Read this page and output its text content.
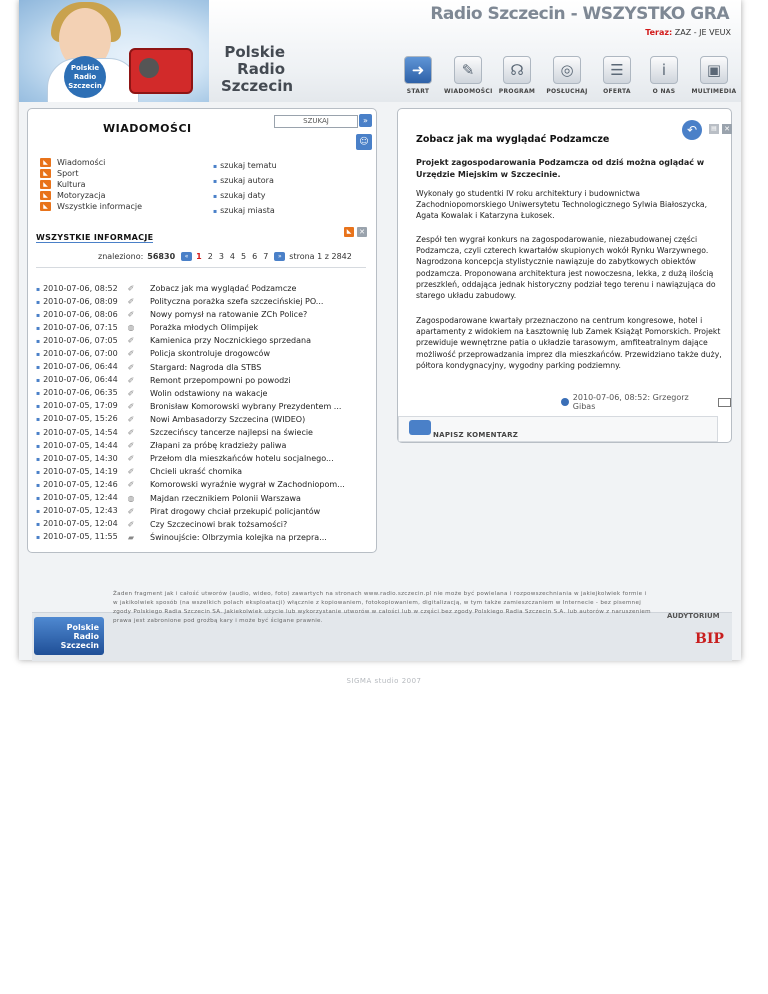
Polskie Radio Szczecin
Polskie
Radio
Szczecin
Radio Szczecin - WSZYSTKO GRA
Teraz: ZAZ - JE VEUX
➜
START
✎
WIADOMOŚCI
☊
PROGRAM
◎
POSŁUCHAJ
☰
OFERTA
i
O NAS
▣
MULTIMEDIA
WIADOMOŚCI
SZUKAJ	»
☺
◣	Wiadomości
◣	Sport
◣	Kultura
◣	Motoryzacja
◣	Wszystkie informacje
▪ szukaj tematu
▪ szukaj autora
▪ szukaj daty
▪ szukaj miasta
WSZYSTKIE INFORMACJE
◣	✕
znaleziono: 56830	« 1 2 3 4 5 6 7	» strona 1 z 2842
▪ 2010-07-06, 08:52	✐ Zobacz jak ma wyglądać Podzamcze
▪ 2010-07-06, 08:09	✐ Polityczna porażka szefa szczecińskiej PO...
▪ 2010-07-06, 08:06	✐ Nowy pomysł na ratowanie ZCh Police?
▪ 2010-07-06, 07:15	◍ Porażka młodych Olimpijek
▪ 2010-07-06, 07:05	✐ Kamienica przy Nocznickiego sprzedana
▪ 2010-07-06, 07:00	✐ Policja skontroluje drogowców
▪ 2010-07-06, 06:44	✐ Stargard: Nagroda dla STBS
▪ 2010-07-06, 06:44	✐ Remont przepompowni po powodzi
▪ 2010-07-06, 06:35	✐ Wolin odstawiony na wakacje
▪ 2010-07-05, 17:09	✐ Bronisław Komorowski wybrany Prezydentem ...
▪ 2010-07-05, 15:26	✐ Nowi Ambasadorzy Szczecina (WIDEO)
▪ 2010-07-05, 14:54	✐ Szczecińscy tancerze najlepsi na świecie
▪ 2010-07-05, 14:44	✐ Złapani za próbę kradzieży paliwa
▪ 2010-07-05, 14:30	✐ Przełom dla mieszkańców hotelu socjalnego...
▪ 2010-07-05, 14:19	✐ Chcieli ukraść chomika
▪ 2010-07-05, 12:46	✐ Komorowski wyraźnie wygrał w Zachodniopom...
▪ 2010-07-05, 12:44	◍ Majdan rzecznikiem Polonii Warszawa
▪ 2010-07-05, 12:43	✐ Pirat drogowy chciał przekupić policjantów
▪ 2010-07-05, 12:04	✐ Czy Szczecinowi brak tożsamości?
▪ 2010-07-05, 11:55	▰ Świnoujście: Olbrzymia kolejka na przepra...
↶	▤	✕
Zobacz jak ma wyglądać Podzamcze
Projekt zagospodarowania Podzamcza od dziś można oglądać w Urzędzie Miejskim w Szczecinie.
Wykonały go studentki IV roku architektury i budownictwa Zachodniopomorskiego Uniwersytetu Technologicznego Sylwia Białoszycka, Agata Kowalak i Katarzyna Łukosek.
Zespół ten wygrał konkurs na zagospodarowanie, niezabudowanej części Podzamcza, czyli czterech kwartałów skupionych wokół Rynku Warzywnego. Nagrodzona koncepcja stylistycznie nawiązuje do zabytkowych obiektów podzamcza. Proponowana architektura jest nowoczesna, lekka, z dużą ilością przeszkleń, oddająca jednak historyczny podział tego terenu i nawiązująca do starego układu zabudowy.
Zagospodarowane kwartały przeznaczono na centrum kongresowe, hotel i apartamenty z widokiem na Łasztownię lub Zamek Książąt Pomorskich. Projekt przewiduje wewnętrzne patia o układzie tarasowym, amfiteatralnym dające możliwość przeprowadzania imprez dla mieszkańców. Przewidziano także duży, półtora kondygnacyjny, wygodny parking podziemny.
2010-07-06, 08:52: Grzegorz Gibas
NAPISZ KOMENTARZ
Polskie
Radio
Szczecin
Żaden fragment jak i całość utworów (audio, wideo, foto) zawartych na stronach www.radio.szczecin.pl nie może być powielana i rozpowszechniania w jakiejkolwiek formie i w jakikolwiek sposób (na wszelkich polach eksploatacji) włącznie z kopiowaniem, fotokopiowaniem, digitalizacją, w tym także zamieszczaniem w Internecie - bez pisemnej zgody Polskiego Radia Szczecin SA. Jakiekolwiek użycie lub wykorzystanie utworów w całości lub w części bez zgody Polskiego Radia Szczecin S.A. lub autorów z naruszeniem prawa jest zabronione pod groźbą kary i może być ścigane prawnie.
AUDYTORIUM
BIP
SIGMA studio 2007
